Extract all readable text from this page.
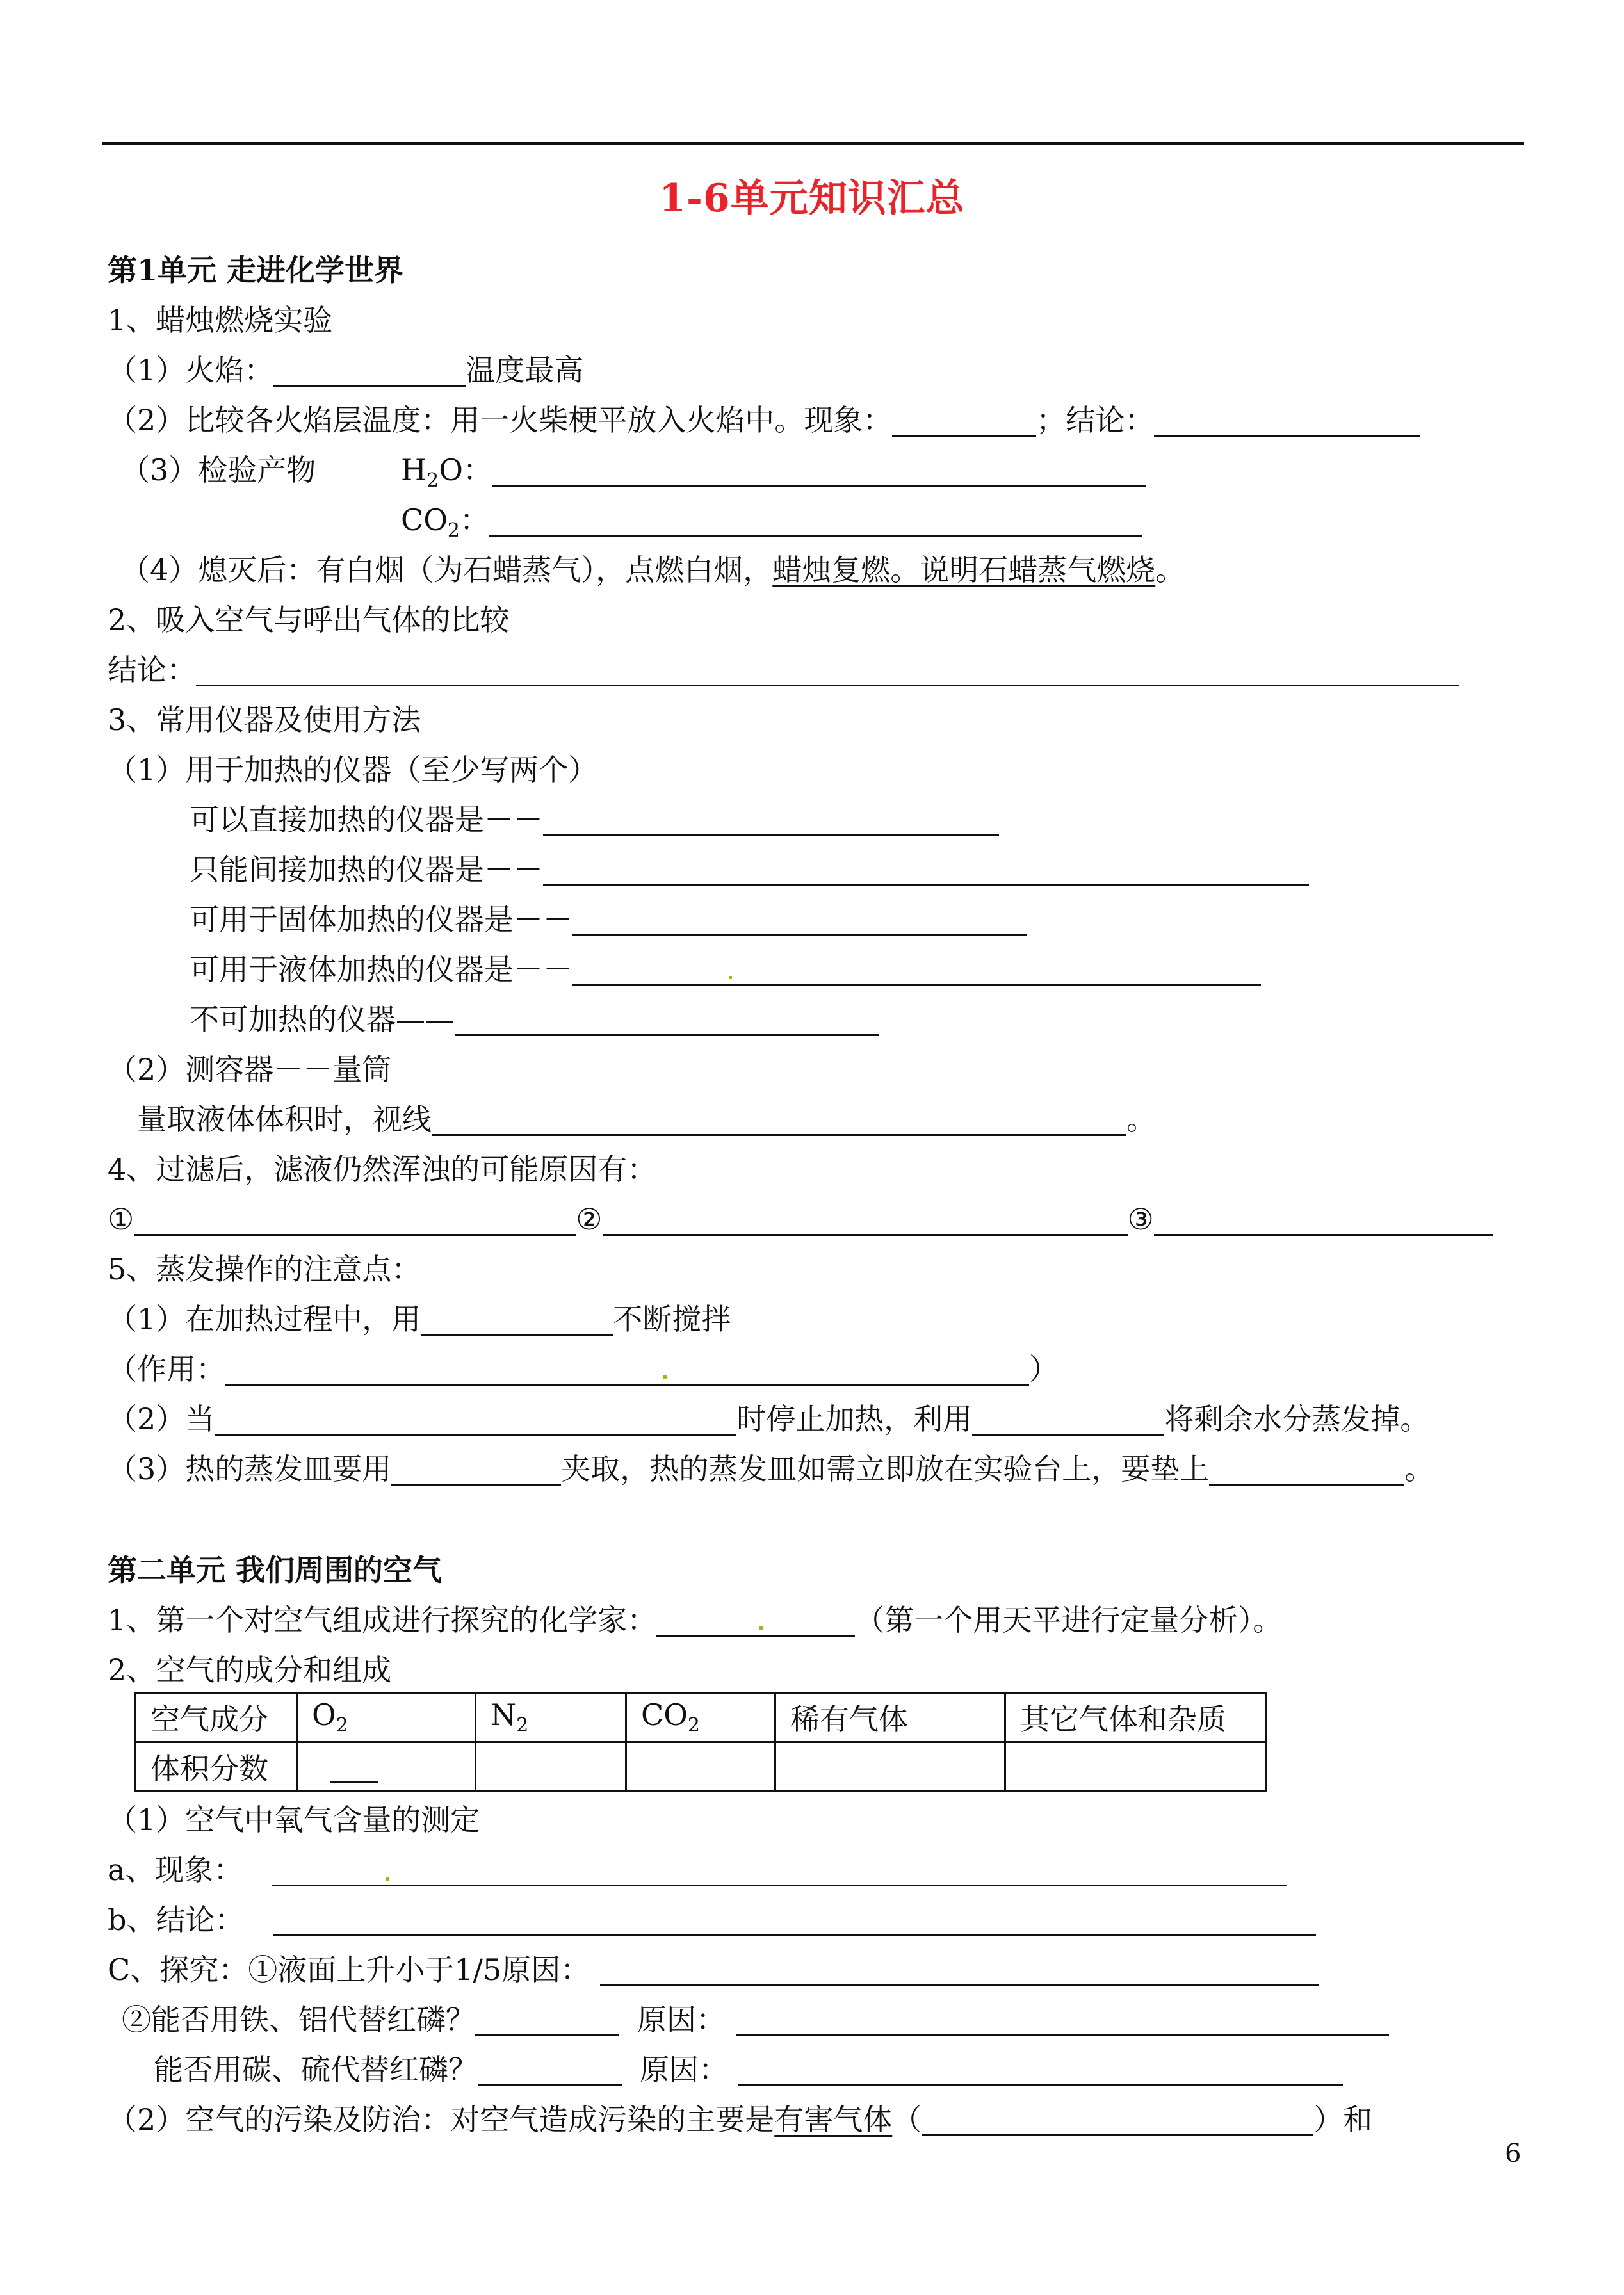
1-6单元知识汇总
第1单元 走进化学世界
1、蜡烛燃烧实验
（1）火焰：	温度最高
（2）比较各火焰层温度：用一火柴梗平放入火焰中。现象：	；结论：
（3）检验产物	$H_2O$：
$CO_2$：
（4）熄灭后：有白烟（为石蜡蒸气），点燃白烟，蜡烛复燃。说明石蜡蒸气燃烧。
2、吸入空气与呼出气体的比较
结论：
3、常用仪器及使用方法
（1）用于加热的仪器（至少写两个）
可以直接加热的仪器是－－
只能间接加热的仪器是－－
可用于固体加热的仪器是－－
可用于液体加热的仪器是－－
不可加热的仪器——
（2）测容器－－量筒
量取液体体积时，视线	。
4、过滤后，滤液仍然浑浊的可能原因有：
①	②	③
5、蒸发操作的注意点：
（1）在加热过程中，用	不断搅拌
（作用：	）
（2）当	时停止加热，利用	将剩余水分蒸发掉。
（3）热的蒸发皿要用	夹取，热的蒸发皿如需立即放在实验台上，要垫上	。
第二单元 我们周围的空气
1、第一个对空气组成进行探究的化学家：	（第一个用天平进行定量分析）。
2、空气的成分和组成
空气成分	$O_2$	$N_2$	$CO_2$	稀有气体	其它气体和杂质
体积分数					
（1）空气中氧气含量的测定
a、现象：
b、结论：
C、探究：①液面上升小于1/5原因：
②能否用铁、铝代替红磷？	原因：
能否用碳、硫代替红磷？	原因：
（2）空气的污染及防治：对空气造成污染的主要是有害气体（	）和
6
